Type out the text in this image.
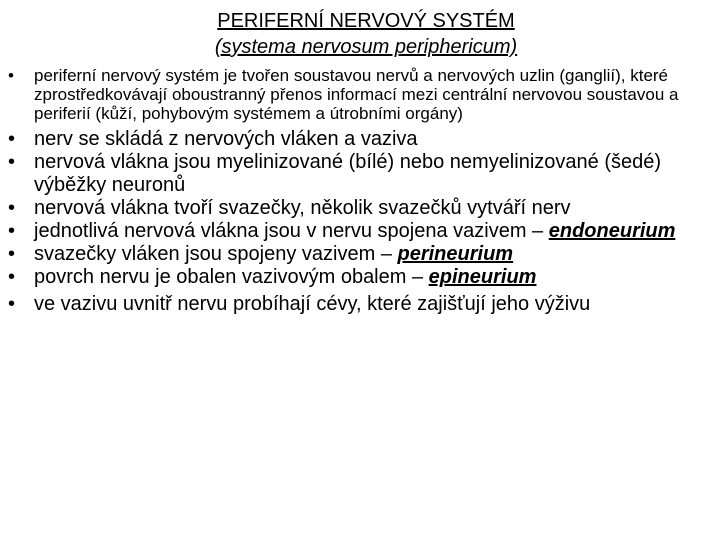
PERIFERNÍ NERVOVÝ SYSTÉM
(systema nervosum periphericum)
• periferní nervový systém je tvořen soustavou nervů a nervových uzlin (ganglií), které zprostředkovávají oboustranný přenos informací mezi centrální nervovou soustavou a periferií (kůží, pohybovým systémem a útrobními orgány)
• nerv se skládá z nervových vláken a vaziva
• nervová vlákna jsou myelinizované (bílé) nebo nemyelinizované (šedé) výběžky neuronů
• nervová vlákna tvoří svazečky, několik svazečků vytváří nerv
• jednotlivá nervová vlákna jsou v nervu spojena vazivem – endoneurium
• svazečky vláken jsou spojeny vazivem – perineurium
• povrch nervu je obalen vazivovým obalem – epineurium
• ve vazivu uvnitř nervu probíhají cévy, které zajišťují jeho výživu
